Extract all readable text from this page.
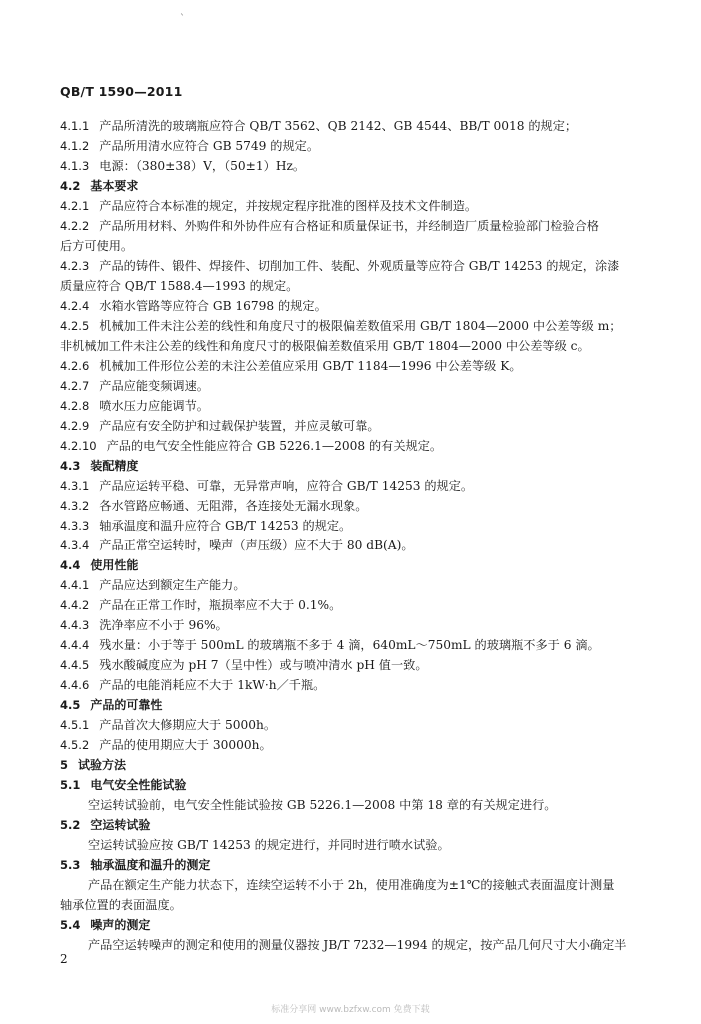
`
QB/T 1590—2011
4.1.1 产品所清洗的玻璃瓶应符合 QB/T 3562、QB 2142、GB 4544、BB/T 0018 的规定；
4.1.2 产品所用清水应符合 GB 5749 的规定。
4.1.3 电源：（380±38）V，（50±1）Hz。
4.2 基本要求
4.2.1 产品应符合本标准的规定，并按规定程序批准的图样及技术文件制造。
4.2.2 产品所用材料、外购件和外协件应有合格证和质量保证书，并经制造厂质量检验部门检验合格
后方可使用。
4.2.3 产品的铸件、锻件、焊接件、切削加工件、装配、外观质量等应符合 GB/T 14253 的规定，涂漆
质量应符合 QB/T 1588.4—1993 的规定。
4.2.4 水箱水管路等应符合 GB 16798 的规定。
4.2.5 机械加工件未注公差的线性和角度尺寸的极限偏差数值采用 GB/T 1804—2000 中公差等级 m；
非机械加工件未注公差的线性和角度尺寸的极限偏差数值采用 GB/T 1804—2000 中公差等级 c。
4.2.6 机械加工件形位公差的未注公差值应采用 GB/T 1184—1996 中公差等级 K。
4.2.7 产品应能变频调速。
4.2.8 喷水压力应能调节。
4.2.9 产品应有安全防护和过载保护装置，并应灵敏可靠。
4.2.10 产品的电气安全性能应符合 GB 5226.1—2008 的有关规定。
4.3 装配精度
4.3.1 产品应运转平稳、可靠，无异常声响，应符合 GB/T 14253 的规定。
4.3.2 各水管路应畅通、无阻滞，各连接处无漏水现象。
4.3.3 轴承温度和温升应符合 GB/T 14253 的规定。
4.3.4 产品正常空运转时，噪声（声压级）应不大于 80 dB(A)。
4.4 使用性能
4.4.1 产品应达到额定生产能力。
4.4.2 产品在正常工作时，瓶损率应不大于 0.1%。
4.4.3 洗净率应不小于 96%。
4.4.4 残水量：小于等于 500mL 的玻璃瓶不多于 4 滴，640mL～750mL 的玻璃瓶不多于 6 滴。
4.4.5 残水酸碱度应为 pH 7（呈中性）或与喷冲清水 pH 值一致。
4.4.6 产品的电能消耗应不大于 1kW·h／千瓶。
4.5 产品的可靠性
4.5.1 产品首次大修期应大于 5000h。
4.5.2 产品的使用期应大于 30000h。
5 试验方法
5.1 电气安全性能试验
空运转试验前，电气安全性能试验按 GB 5226.1—2008 中第 18 章的有关规定进行。
5.2 空运转试验
空运转试验应按 GB/T 14253 的规定进行，并同时进行喷水试验。
5.3 轴承温度和温升的测定
产品在额定生产能力状态下，连续空运转不小于 2h，使用准确度为±1℃的接触式表面温度计测量
轴承位置的表面温度。
5.4 噪声的测定
产品空运转噪声的测定和使用的测量仪器按 JB/T 7232—1994 的规定，按产品几何尺寸大小确定半
2
标准分享网 www.bzfxw.com 免费下载
